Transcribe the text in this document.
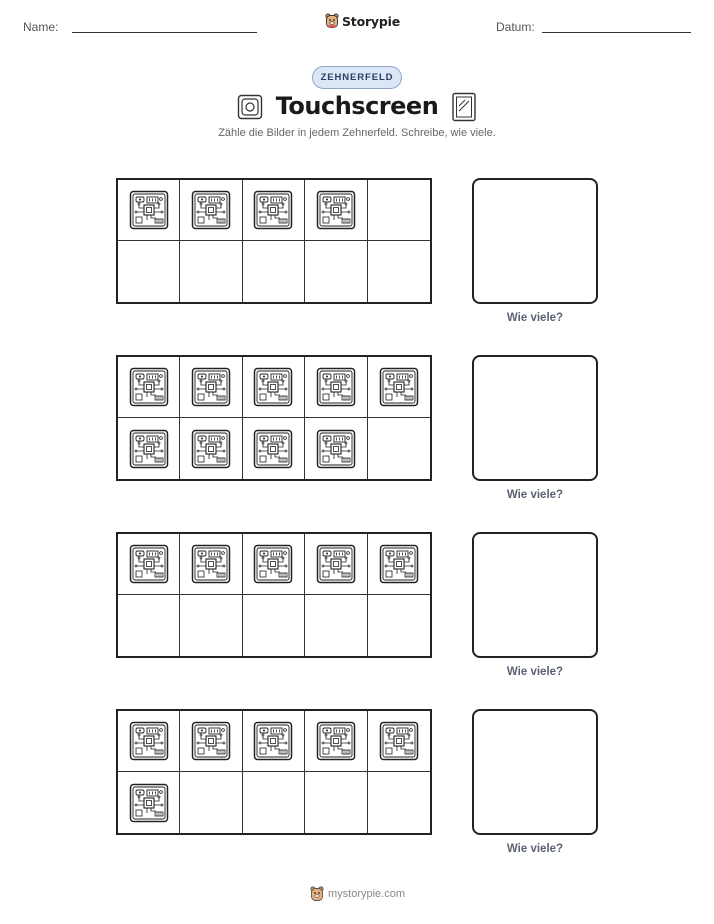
Name:	Storypie	Datum:
ZEHNERFELD
Touchscreen
Zähle die Bilder in jedem Zehnerfeld. Schreibe, wie viele.
Wie viele?
Wie viele?
Wie viele?
Wie viele?
mystorypie.com
